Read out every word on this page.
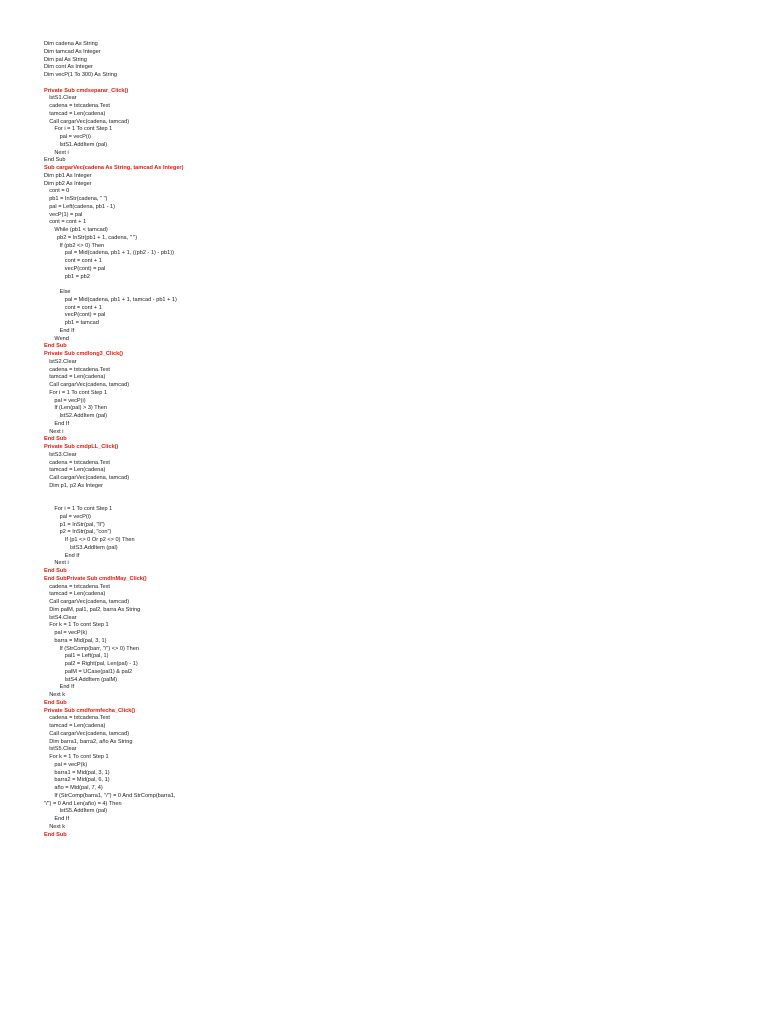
Dim cadena As String
Dim tamcad As Integer
Dim pal As String
Dim cont As Integer
Dim vecP(1 To 300) As String
Private Sub cmdseparar_Click()
lstS1.Clear
cadena = txtcadena.Text
tamcad = Len(cadena)
Call cargarVec(cadena, tamcad)
For i = 1 To cont Step 1
pal = vecP(i)
lstS1.AddItem (pal)
Next i
End Sub
Sub cargarVec(cadena As String, tamcad As Integer)
Dim pb1 As Integer
Dim pb2 As Integer
cont = 0
pb1 = InStr(cadena, " ")
pal = Left(cadena, pb1 - 1)
vecP(1) = pal
cont = cont + 1
While (pb1 < tamcad)
pb2 = InStr(pb1 + 1, cadena, " ")
If (pb2 <> 0) Then
pal = Mid(cadena, pb1 + 1, ((pb2 - 1) - pb1))
cont = cont + 1
vecP(cont) = pal
pb1 = pb2
Else
pal = Mid(cadena, pb1 + 1, tamcad - pb1 + 1)
cont = cont + 1
vecP(cont) = pal
pb1 = tamcad
End If
Wend
End Sub
Private Sub cmdlong3_Click()
lstS2.Clear
cadena = txtcadena.Text
tamcad = Len(cadena)
Call cargarVec(cadena, tamcad)
For i = 1 To cont Step 1
pal = vecP(i)
If (Len(pal) > 3) Then
lstS2.AddItem (pal)
End If
Next i
End Sub
Private Sub cmdpLL_Click()
lstS3.Clear
cadena = txtcadena.Text
tamcad = Len(cadena)
Call cargarVec(cadena, tamcad)
Dim p1, p2 As Integer
For i = 1 To cont Step 1
pal = vecP(i)
p1 = InStr(pal, "ll")
p2 = InStr(pal, "con")
If (p1 <> 0 Or p2 <> 0) Then
lstS3.AddItem (pal)
End If
Next i
End Sub
End SubPrivate Sub cmdInMay_Click()
cadena = txtcadena.Text
tamcad = Len(cadena)
Call cargarVec(cadena, tamcad)
Dim palM, pal1, pal2, barra As String
lstS4.Clear
For k = 1 To cont Step 1
pal = vecP(k)
barra = Mid(pal, 3, 1)
If (StrComp(barr, "/") <> 0) Then
pal1 = Left(pal, 1)
pal2 = Right(pal, Len(pal) - 1)
palM = UCase(pal1) & pal2
lstS4.AddItem (palM)
End If
Next k
End Sub
Private Sub cmdformfecha_Click()
cadena = txtcadena.Text
tamcad = Len(cadena)
Call cargarVec(cadena, tamcad)
Dim barra1, barra2, año As String
lstS5.Clear
For k = 1 To cont Step 1
pal = vecP(k)
barra1 = Mid(pal, 3, 1)
barra2 = Mid(pal, 6, 1)
año = Mid(pal, 7, 4)
If (StrComp(barra1, "/") = 0 And StrComp(barra1,
"/") = 0 And Len(año) = 4) Then
lstS5.AddItem (pal)
End If
Next k
End Sub
